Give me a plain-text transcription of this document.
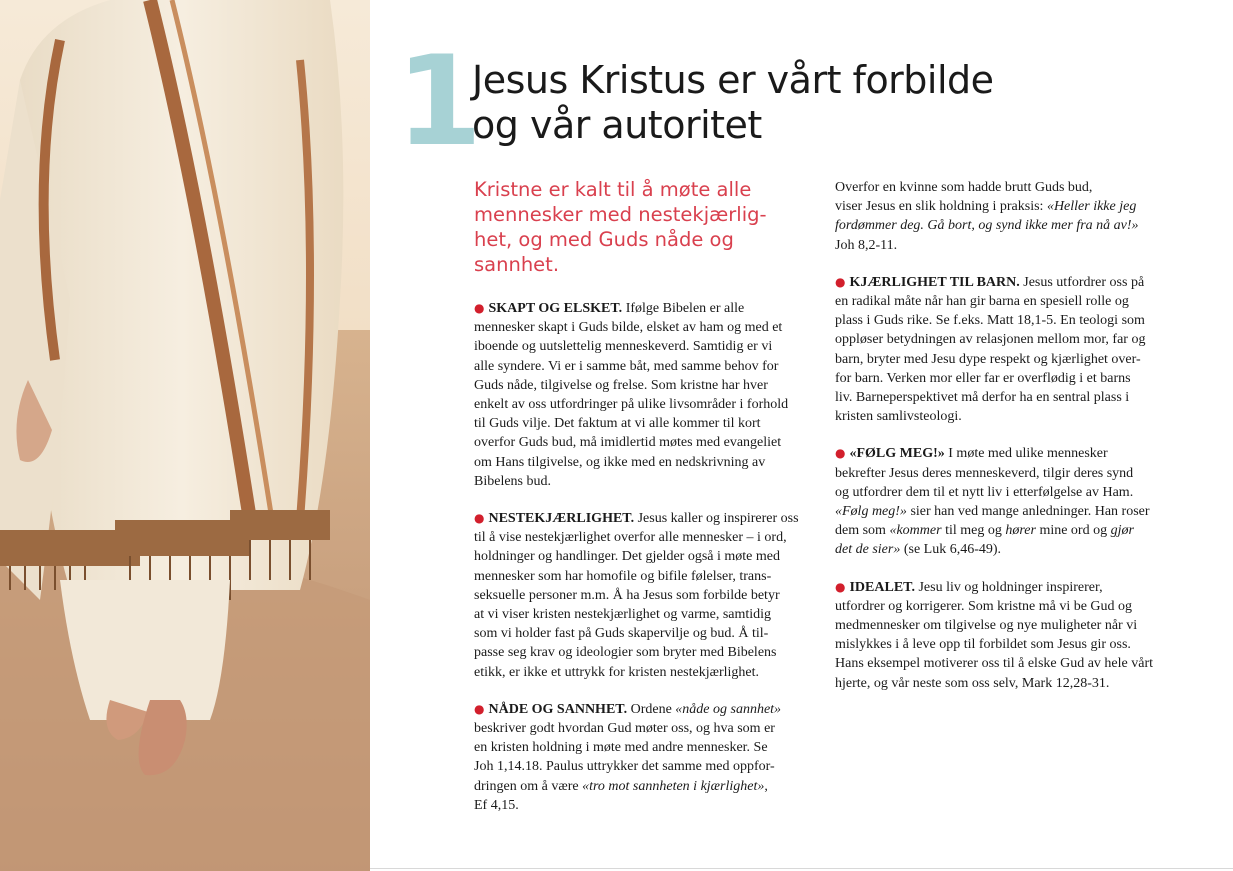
1
Jesus Kristus er vårt forbilde
og vår autoritet

Kristne er kalt til å møte alle
mennesker med nestekjærlig-
het, og med Guds nåde og
sannhet.

● SKAPT OG ELSKET. Ifølge Bibelen er alle
mennesker skapt i Guds bilde, elsket av ham og med et
iboende og uutslettelig menneskeverd. Samtidig er vi
alle syndere. Vi er i samme båt, med samme behov for
Guds nåde, tilgivelse og frelse. Som kristne har hver
enkelt av oss utfordringer på ulike livsområder i forhold
til Guds vilje. Det faktum at vi alle kommer til kort
overfor Guds bud, må imidlertid møtes med evangeliet
om Hans tilgivelse, og ikke med en nedskrivning av
Bibelens bud.

● NESTEKJÆRLIGHET. Jesus kaller og inspirerer oss
til å vise nestekjærlighet overfor alle mennesker – i ord,
holdninger og handlinger. Det gjelder også i møte med
mennesker som har homofile og bifile følelser, trans-
seksuelle personer m.m. Å ha Jesus som forbilde betyr
at vi viser kristen nestekjærlighet og varme, samtidig
som vi holder fast på Guds skapervilje og bud. Å til-
passe seg krav og ideologier som bryter med Bibelens
etikk, er ikke et uttrykk for kristen nestekjærlighet.

● NÅDE OG SANNHET. Ordene «nåde og sannhet»
beskriver godt hvordan Gud møter oss, og hva som er
en kristen holdning i møte med andre mennesker. Se
Joh 1,14.18. Paulus uttrykker det samme med oppfor-
dringen om å være «tro mot sannheten i kjærlighet»,
Ef 4,15.

Overfor en kvinne som hadde brutt Guds bud,
viser Jesus en slik holdning i praksis: «Heller ikke jeg
fordømmer deg. Gå bort, og synd ikke mer fra nå av!»
Joh 8,2-11.

● KJÆRLIGHET TIL BARN. Jesus utfordrer oss på
en radikal måte når han gir barna en spesiell rolle og
plass i Guds rike. Se f.eks. Matt 18,1-5. En teologi som
oppløser betydningen av relasjonen mellom mor, far og
barn, bryter med Jesu dype respekt og kjærlighet over-
for barn. Verken mor eller far er overflødig i et barns
liv. Barneperspektivet må derfor ha en sentral plass i
kristen samlivsteologi.

● «FØLG MEG!» I møte med ulike mennesker
bekrefter Jesus deres menneskeverd, tilgir deres synd
og utfordrer dem til et nytt liv i etterfølgelse av Ham.
«Følg meg!» sier han ved mange anledninger. Han roser
dem som «kommer til meg og hører mine ord og gjør
det de sier» (se Luk 6,46-49).

● IDEALET. Jesu liv og holdninger inspirerer,
utfordrer og korrigerer. Som kristne må vi be Gud og
medmennesker om tilgivelse og nye muligheter når vi
mislykkes i å leve opp til forbildet som Jesus gir oss.
Hans eksempel motiverer oss til å elske Gud av hele vårt
hjerte, og vår neste som oss selv, Mark 12,28-31.
